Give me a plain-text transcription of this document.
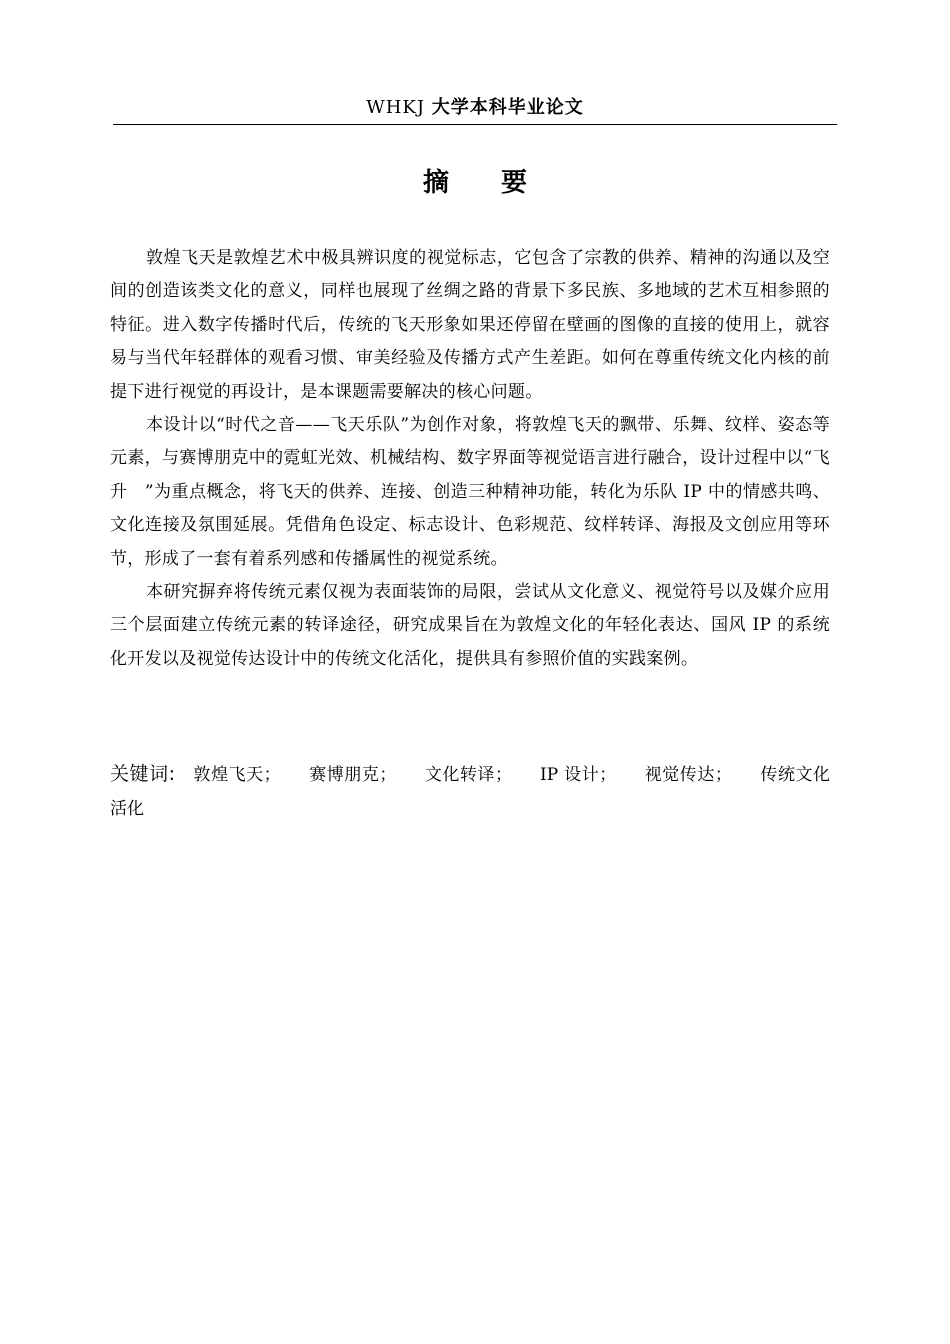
WHKJ 大学本科毕业论文
摘要

敦煌飞天是敦煌艺术中极具辨识度的视觉标志，它包含了宗教的供养、精神的沟通以及空间的创造该类文化的意义，同样也展现了丝绸之路的背景下多民族、多地域的艺术互相参照的特征。进入数字传播时代后，传统的飞天形象如果还停留在壁画的图像的直接的使用上，就容易与当代年轻群体的观看习惯、审美经验及传播方式产生差距。如何在尊重传统文化内核的前提下进行视觉的再设计，是本课题需要解决的核心问题。

本设计以“时代之音——飞天乐队”为创作对象，将敦煌飞天的飘带、乐舞、纹样、姿态等元素，与赛博朋克中的霓虹光效、机械结构、数字界面等视觉语言进行融合，设计过程中以“飞升　”为重点概念，将飞天的供养、连接、创造三种精神功能，转化为乐队 IP 中的情感共鸣、文化连接及氛围延展。凭借角色设定、标志设计、色彩规范、纹样转译、海报及文创应用等环节，形成了一套有着系列感和传播属性的视觉系统。

本研究摒弃将传统元素仅视为表面装饰的局限，尝试从文化意义、视觉符号以及媒介应用三个层面建立传统元素的转译途径，研究成果旨在为敦煌文化的年轻化表达、国风 IP 的系统化开发以及视觉传达设计中的传统文化活化，提供具有参照价值的实践案例。

关键词: 敦煌飞天； 赛博朋克； 文化转译； IP 设计； 视觉传达； 传统文化活化
